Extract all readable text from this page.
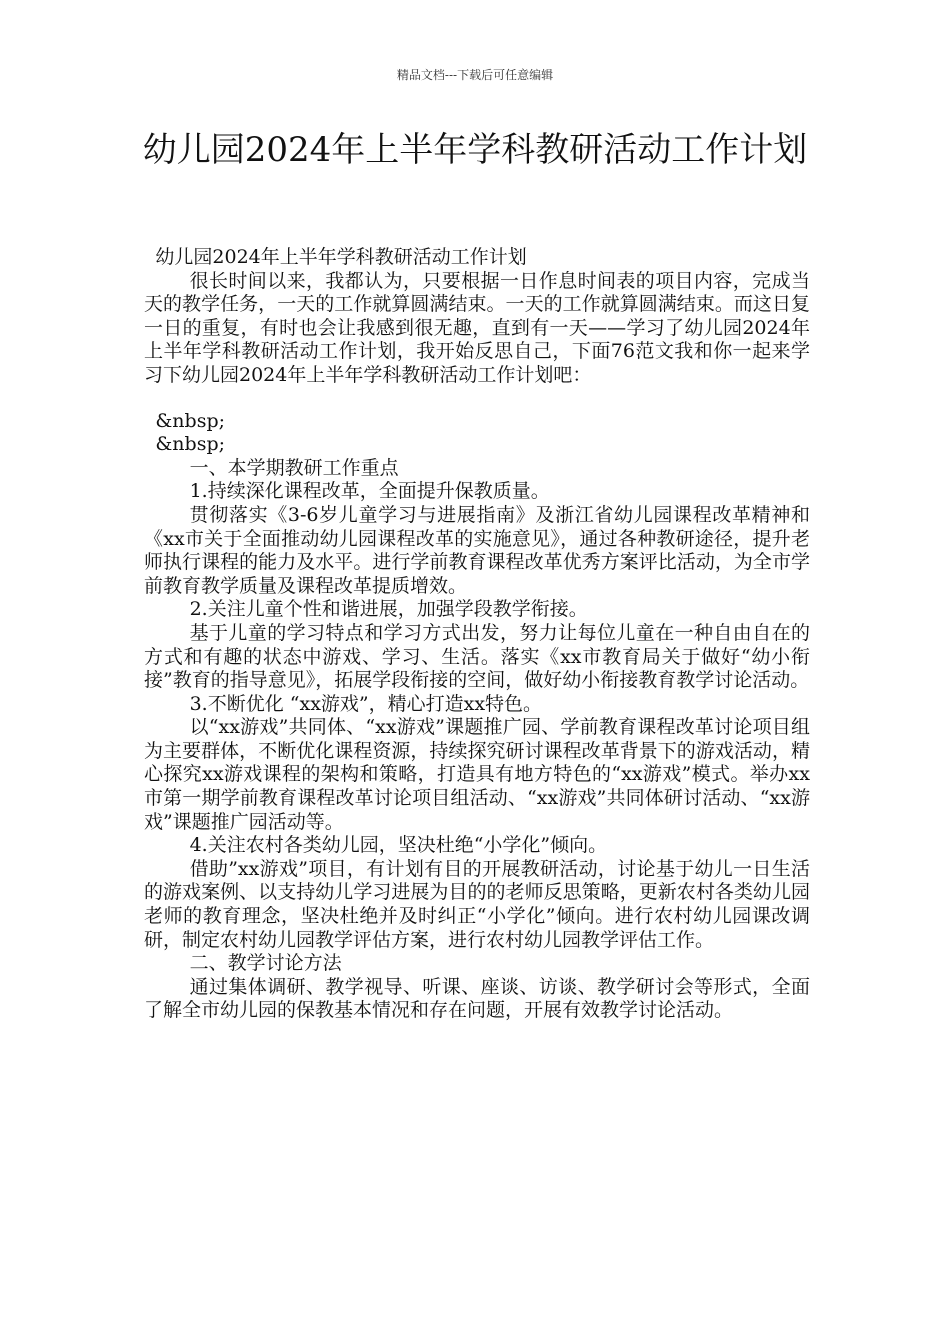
精品文档---下载后可任意编辑
幼儿园2024年上半年学科教研活动工作计划

幼儿园2024年上半年学科教研活动工作计划

很长时间以来，我都认为，只要根据一日作息时间表的项目内容，完成当天的教学任务，一天的工作就算圆满结束。一天的工作就算圆满结束。而这日复一日的重复，有时也会让我感到很无趣，直到有一天——学习了幼儿园2024年上半年学科教研活动工作计划，我开始反思自己，下面76范文我和你一起来学习下幼儿园2024年上半年学科教研活动工作计划吧：

&nbsp;

&nbsp;

一、本学期教研工作重点

1.持续深化课程改革，全面提升保教质量。

贯彻落实《3-6岁儿童学习与进展指南》及浙江省幼儿园课程改革精神和《xx市关于全面推动幼儿园课程改革的实施意见》，通过各种教研途径，提升老师执行课程的能力及水平。进行学前教育课程改革优秀方案评比活动，为全市学前教育教学质量及课程改革提质增效。

2.关注儿童个性和谐进展，加强学段教学衔接。

基于儿童的学习特点和学习方式出发，努力让每位儿童在一种自由自在的方式和有趣的状态中游戏、学习、生活。落实《xx市教育局关于做好“幼小衔接”教育的指导意见》，拓展学段衔接的空间，做好幼小衔接教育教学讨论活动。

3.不断优化 “xx游戏”，精心打造xx特色。

以“xx游戏”共同体、“xx游戏”课题推广园、学前教育课程改革讨论项目组为主要群体，不断优化课程资源，持续探究研讨课程改革背景下的游戏活动，精心探究xx游戏课程的架构和策略，打造具有地方特色的“xx游戏”模式。举办xx市第一期学前教育课程改革讨论项目组活动、“xx游戏”共同体研讨活动、“xx游戏”课题推广园活动等。

4.关注农村各类幼儿园，坚决杜绝“小学化”倾向。

借助”xx游戏”项目，有计划有目的开展教研活动，讨论基于幼儿一日生活的游戏案例、以支持幼儿学习进展为目的的老师反思策略，更新农村各类幼儿园老师的教育理念，坚决杜绝并及时纠正“小学化”倾向。进行农村幼儿园课改调研，制定农村幼儿园教学评估方案，进行农村幼儿园教学评估工作。

二、教学讨论方法

通过集体调研、教学视导、听课、座谈、访谈、教学研讨会等形式，全面了解全市幼儿园的保教基本情况和存在问题，开展有效教学讨论活动。
